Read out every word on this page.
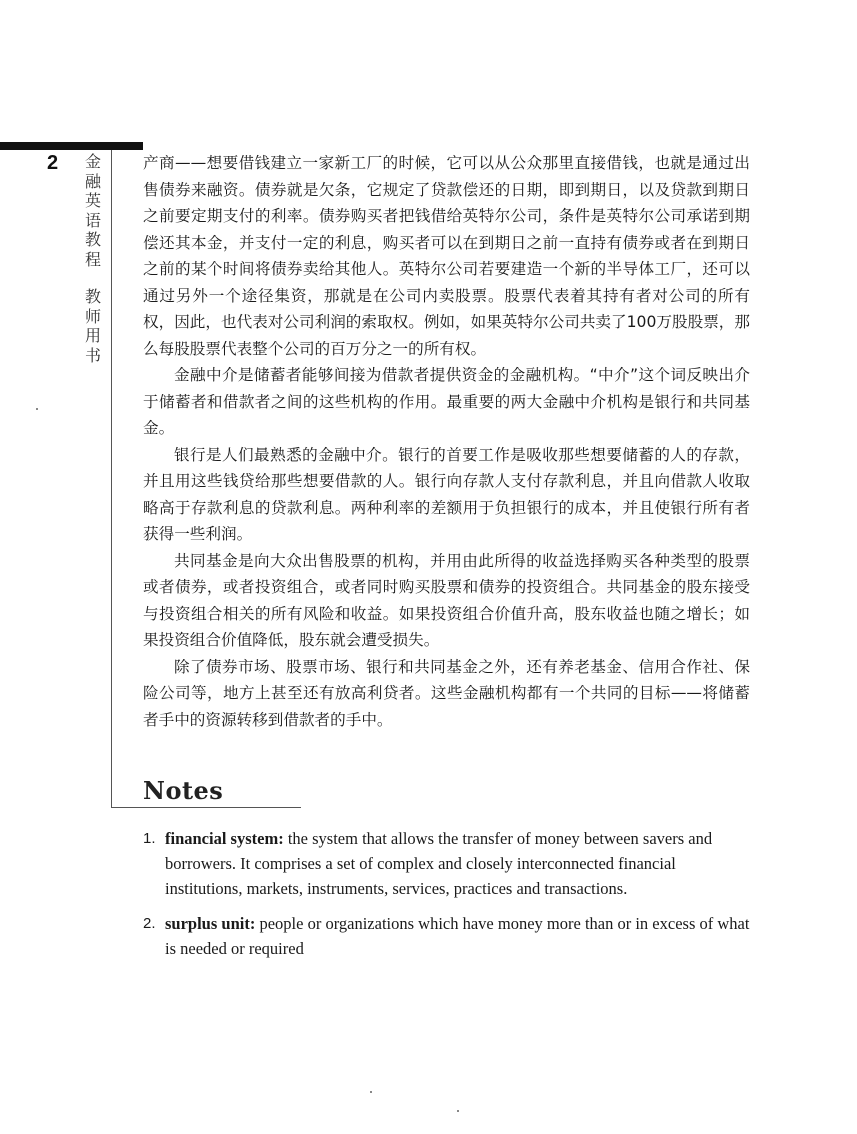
2 金
融
英
语
教
程
教
师
用
书

产商——想要借钱建立一家新工厂的时候，它可以从公众那里直接借钱，也就是通过出售债券来融资。债券就是欠条，它规定了贷款偿还的日期，即到期日，以及贷款到期日之前要定期支付的利率。债券购买者把钱借给英特尔公司，条件是英特尔公司承诺到期偿还其本金，并支付一定的利息，购买者可以在到期日之前一直持有债券或者在到期日之前的某个时间将债券卖给其他人。英特尔公司若要建造一个新的半导体工厂，还可以通过另外一个途径集资，那就是在公司内卖股票。股票代表着其持有者对公司的所有权，因此，也代表对公司利润的索取权。例如，如果英特尔公司共卖了100万股股票，那么每股股票代表整个公司的百万分之一的所有权。

金融中介是储蓄者能够间接为借款者提供资金的金融机构。“中介”这个词反映出介于储蓄者和借款者之间的这些机构的作用。最重要的两大金融中介机构是银行和共同基金。

银行是人们最熟悉的金融中介。银行的首要工作是吸收那些想要储蓄的人的存款，并且用这些钱贷给那些想要借款的人。银行向存款人支付存款利息，并且向借款人收取略高于存款利息的贷款利息。两种利率的差额用于负担银行的成本，并且使银行所有者获得一些利润。

共同基金是向大众出售股票的机构，并用由此所得的收益选择购买各种类型的股票或者债券，或者投资组合，或者同时购买股票和债券的投资组合。共同基金的股东接受与投资组合相关的所有风险和收益。如果投资组合价值升高，股东收益也随之增长；如果投资组合价值降低，股东就会遭受损失。

除了债券市场、股票市场、银行和共同基金之外，还有养老基金、信用合作社、保险公司等，地方上甚至还有放高利贷者。这些金融机构都有一个共同的目标——将储蓄者手中的资源转移到借款者的手中。

Notes
1. financial system: the system that allows the transfer of money between savers and borrowers. It comprises a set of complex and closely interconnected financial institutions, markets, instruments, services, practices and transactions.
2. surplus unit: people or organizations which have money more than or in excess of what is needed or required
